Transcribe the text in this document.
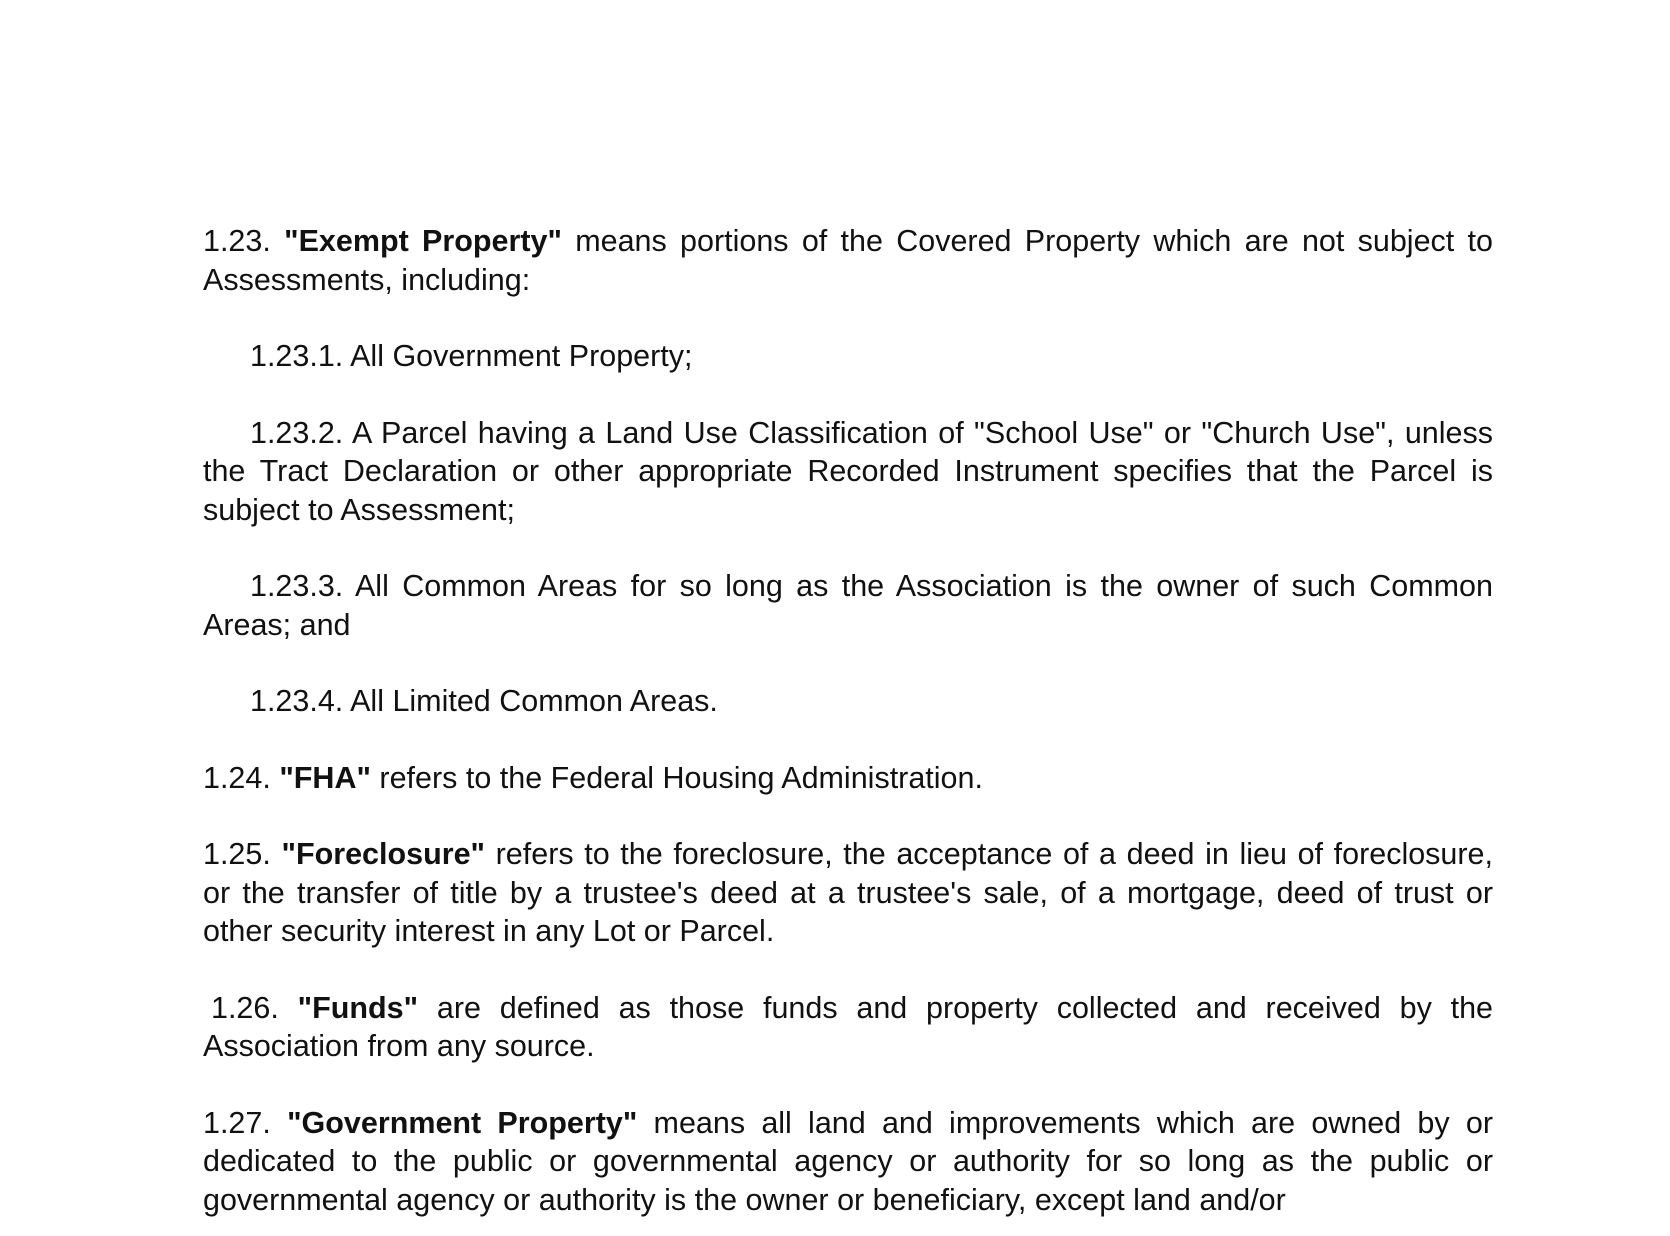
1.23. "Exempt Property" means portions of the Covered Property which are not subject to Assessments, including:

1.23.1. All Government Property;

1.23.2. A Parcel having a Land Use Classification of "School Use" or "Church Use", unless the Tract Declaration or other appropriate Recorded Instrument specifies that the Parcel is subject to Assessment;

1.23.3. All Common Areas for so long as the Association is the owner of such Common Areas; and

1.23.4. All Limited Common Areas.

1.24. "FHA" refers to the Federal Housing Administration.

1.25. "Foreclosure" refers to the foreclosure, the acceptance of a deed in lieu of foreclosure, or the transfer of title by a trustee's deed at a trustee's sale, of a mortgage, deed of trust or other security interest in any Lot or Parcel.

1.26. "Funds" are defined as those funds and property collected and received by the Association from any source.

1.27. "Government Property" means all land and improvements which are owned by or dedicated to the public or governmental agency or authority for so long as the public or governmental agency or authority is the owner or beneficiary, except land and/or
